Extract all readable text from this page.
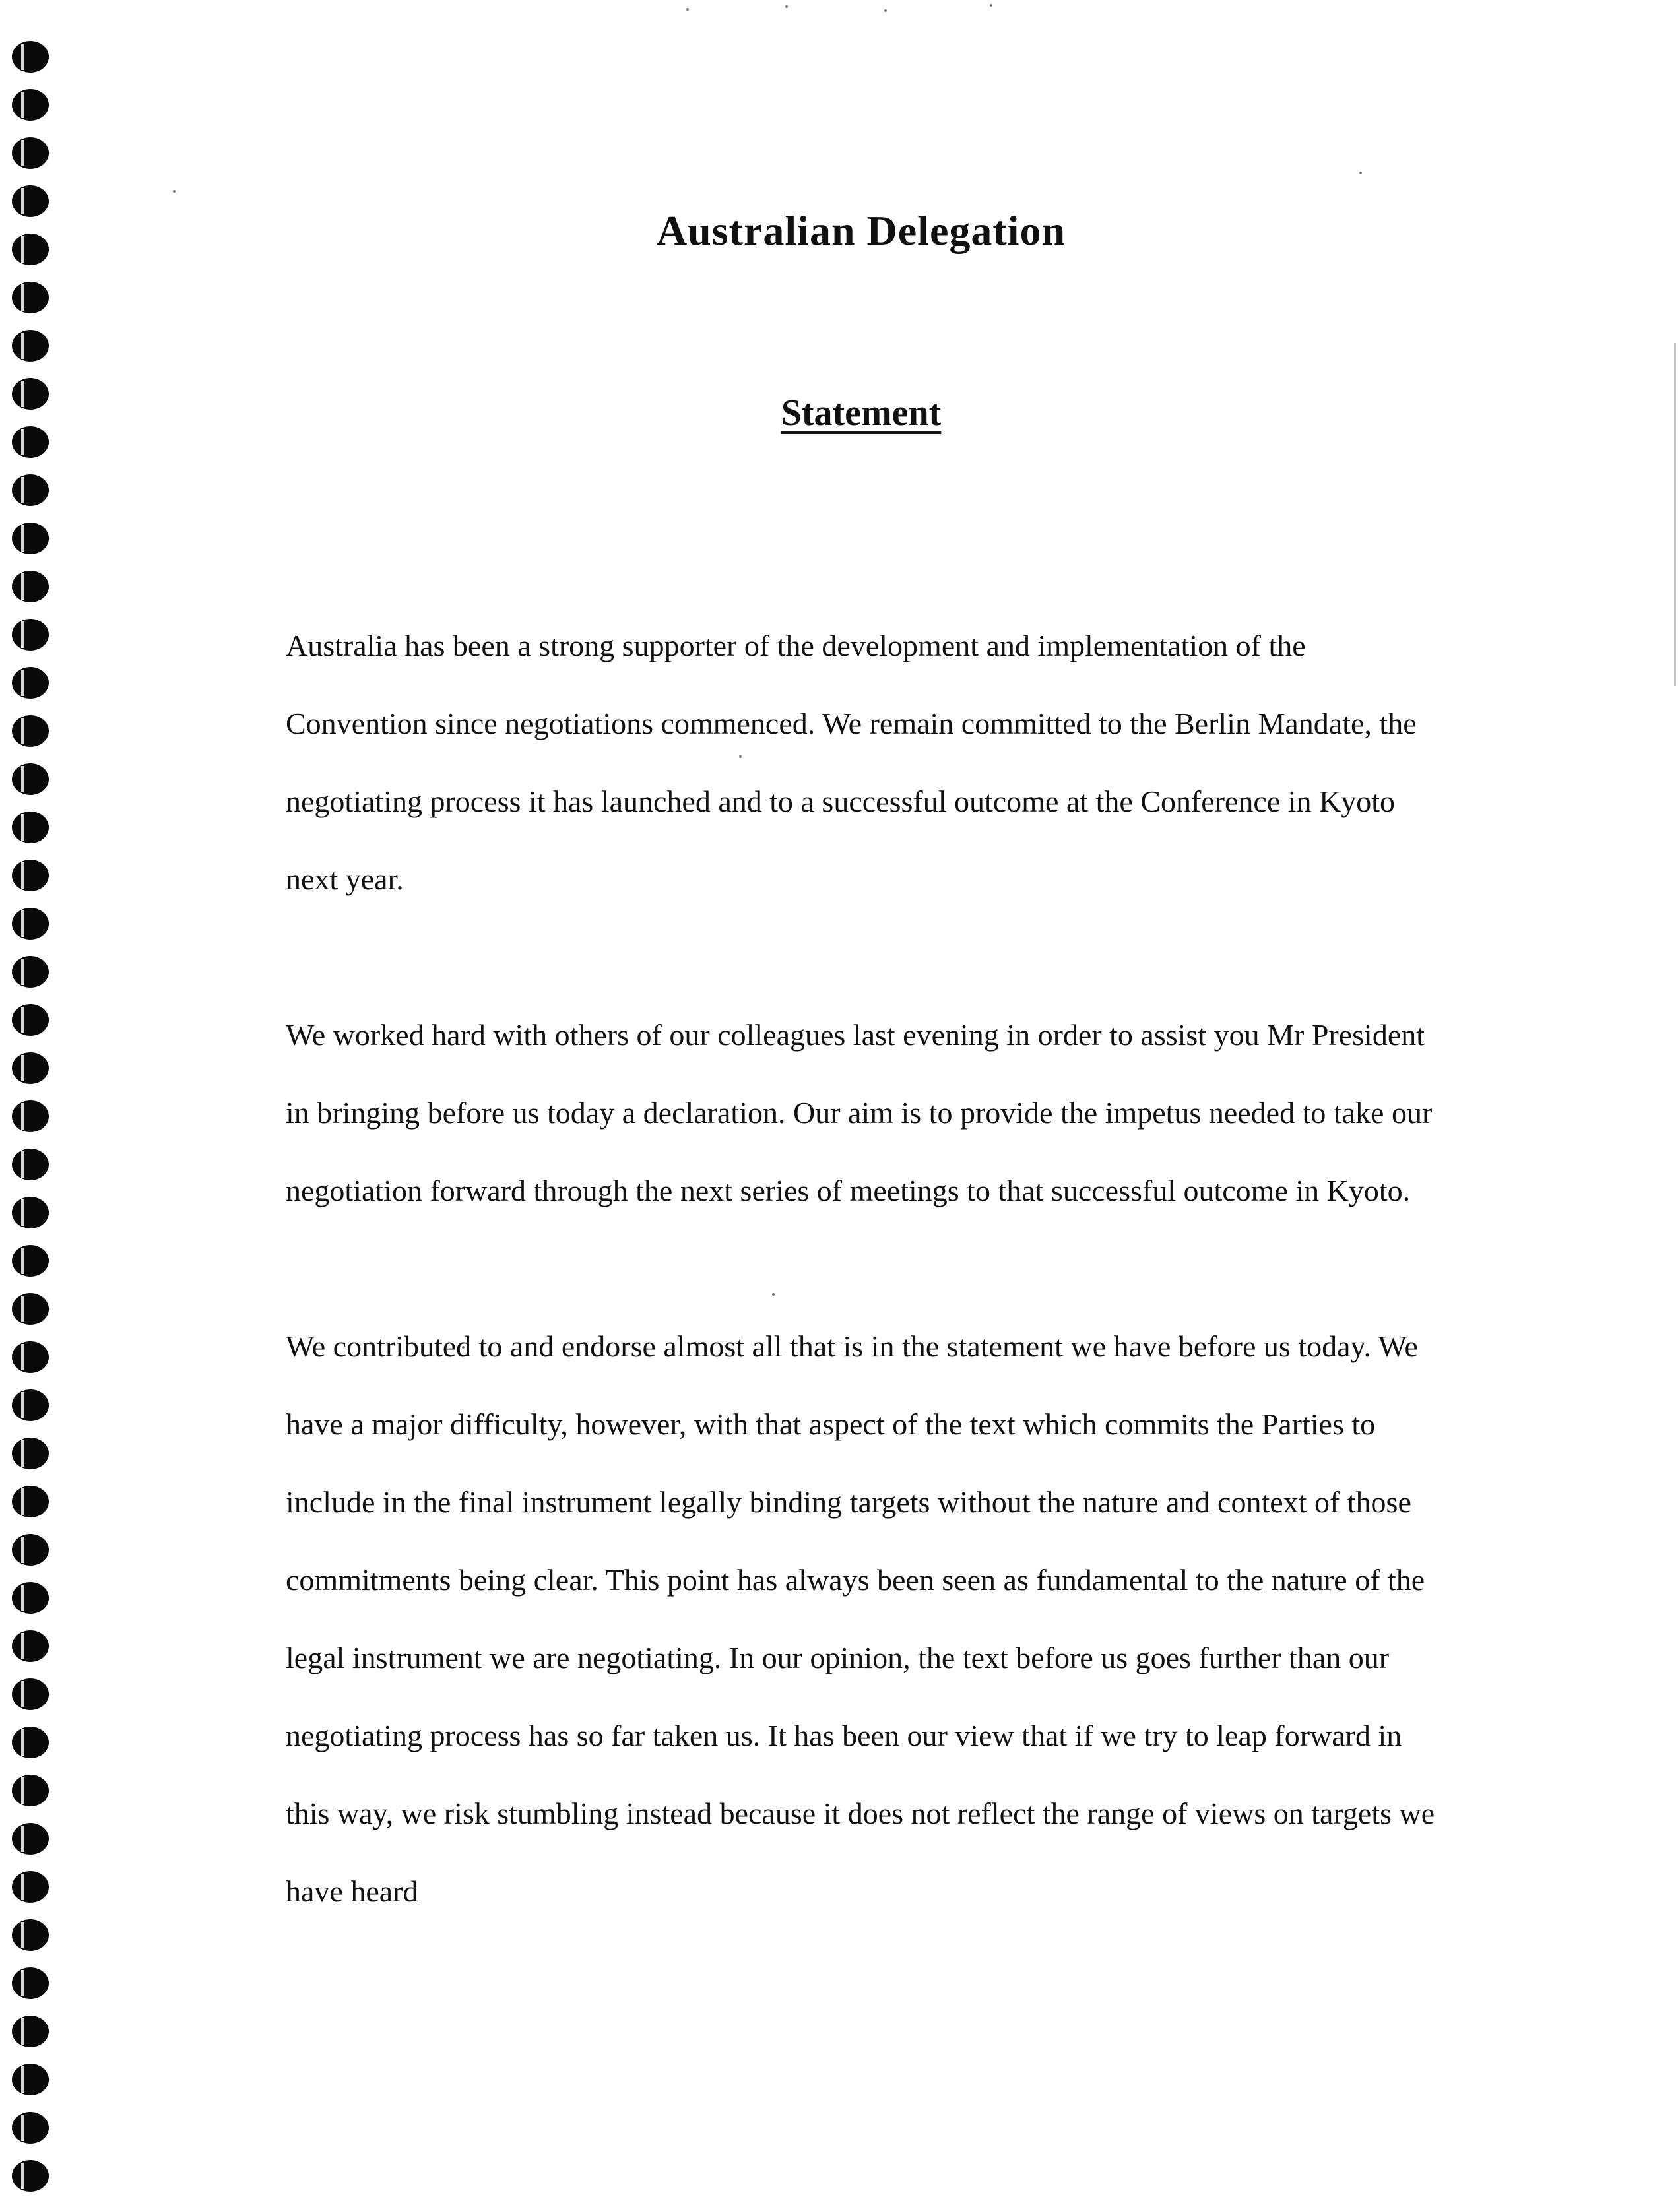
Australian Delegation
Statement

Australia has been a strong supporter of the development and implementation of the Convention since negotiations commenced. We remain committed to the Berlin Mandate, the negotiating process it has launched and to a successful outcome at the Conference in Kyoto next year.

We worked hard with others of our colleagues last evening in order to assist you Mr President in bringing before us today a declaration. Our aim is to provide the impetus needed to take our negotiation forward through the next series of meetings to that successful outcome in Kyoto.

We contributed to and endorse almost all that is in the statement we have before us today. We have a major difficulty, however, with that aspect of the text which commits the Parties to include in the final instrument legally binding targets without the nature and context of those commitments being clear. This point has always been seen as fundamental to the nature of the legal instrument we are negotiating. In our opinion, the text before us goes further than our negotiating process has so far taken us. It has been our view that if we try to leap forward in this way, we risk stumbling instead because it does not reflect the range of views on targets we have heard
